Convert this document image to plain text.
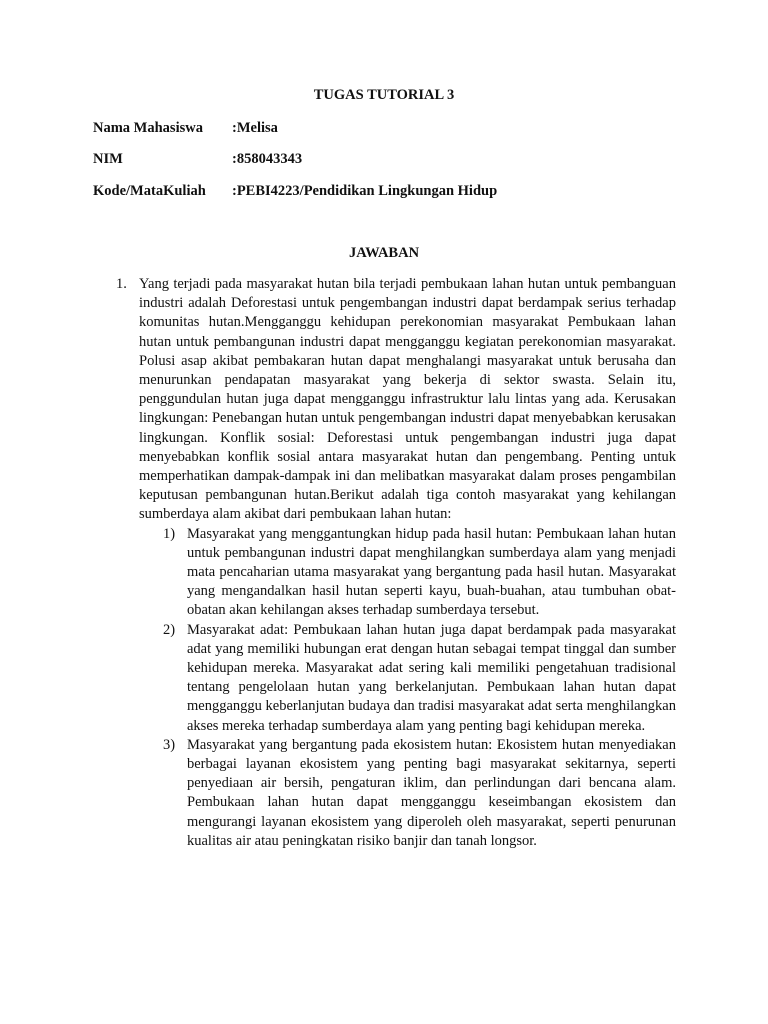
TUGAS TUTORIAL 3
Nama Mahasiswa :Melisa
NIM	:858043343
Kode/MataKuliah :PEBI4223/Pendidikan Lingkungan Hidup
JAWABAN
1. Yang terjadi pada masyarakat hutan bila terjadi pembukaan lahan hutan untuk pembanguan industri adalah Deforestasi untuk pengembangan industri dapat berdampak serius terhadap komunitas hutan.Mengganggu kehidupan perekonomian masyarakat Pembukaan lahan hutan untuk pembangunan industri dapat mengganggu kegiatan perekonomian masyarakat. Polusi asap akibat pembakaran hutan dapat menghalangi masyarakat untuk berusaha dan menurunkan pendapatan masyarakat yang bekerja di sektor swasta. Selain itu, penggundulan hutan juga dapat mengganggu infrastruktur lalu lintas yang ada. Kerusakan lingkungan: Penebangan hutan untuk pengembangan industri dapat menyebabkan kerusakan lingkungan. Konflik sosial: Deforestasi untuk pengembangan industri juga dapat menyebabkan konflik sosial antara masyarakat hutan dan pengembang. Penting untuk memperhatikan dampak-dampak ini dan melibatkan masyarakat dalam proses pengambilan keputusan pembangunan hutan.Berikut adalah tiga contoh masyarakat yang kehilangan sumberdaya alam akibat dari pembukaan lahan hutan:
1) Masyarakat yang menggantungkan hidup pada hasil hutan: Pembukaan lahan hutan untuk pembangunan industri dapat menghilangkan sumberdaya alam yang menjadi mata pencaharian utama masyarakat yang bergantung pada hasil hutan. Masyarakat yang mengandalkan hasil hutan seperti kayu, buah-buahan, atau tumbuhan obat-obatan akan kehilangan akses terhadap sumberdaya tersebut.
2) Masyarakat adat: Pembukaan lahan hutan juga dapat berdampak pada masyarakat adat yang memiliki hubungan erat dengan hutan sebagai tempat tinggal dan sumber kehidupan mereka. Masyarakat adat sering kali memiliki pengetahuan tradisional tentang pengelolaan hutan yang berkelanjutan. Pembukaan lahan hutan dapat mengganggu keberlanjutan budaya dan tradisi masyarakat adat serta menghilangkan akses mereka terhadap sumberdaya alam yang penting bagi kehidupan mereka.
3) Masyarakat yang bergantung pada ekosistem hutan: Ekosistem hutan menyediakan berbagai layanan ekosistem yang penting bagi masyarakat sekitarnya, seperti penyediaan air bersih, pengaturan iklim, dan perlindungan dari bencana alam. Pembukaan lahan hutan dapat mengganggu keseimbangan ekosistem dan mengurangi layanan ekosistem yang diperoleh oleh masyarakat, seperti penurunan kualitas air atau peningkatan risiko banjir dan tanah longsor.
